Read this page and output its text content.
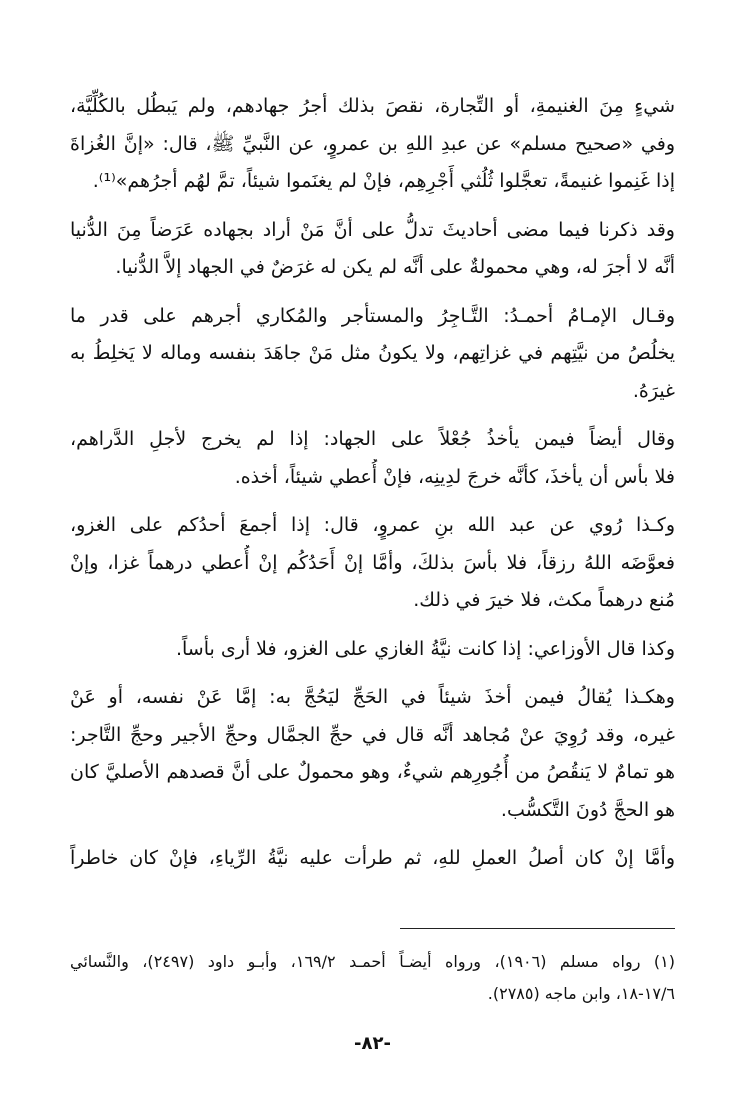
شيءٍ مِنَ الغنيمةِ، أو التِّجارة، نقصَ بذلك أجرُ جهادهم، ولم يَبطُل بالكُلِّيَّة،
وفي «صحيح مسلم» عن عبدِ اللهِ بن عمروٍ، عن النَّبيِّ ﷺ، قال: «إنَّ الغُزاةَ
إذا غَنِموا غنيمةً، تعجَّلوا ثُلُثي أَجْرِهِم، فإنْ لم يغنَموا شيئاً، تمَّ لهُم أجرُهم»⁽¹⁾.
وقد ذكرنا فيما مضى أحاديثَ تدلُّ على أنَّ مَنْ أراد بجهاده عَرَضاً مِنَ الدُّنيا
أنَّه لا أجرَ له، وهي محمولةٌ على أنَّه لم يكن له غرَضٌ في الجهاد إلاَّ الدُّنيا.
وقـال الإمـامُ أحمـدُ: التَّـاجِرُ والمستأجر والمُكاري أجرهم على قدر ما
يخلُصُ من نيَّتِهم في غزاتِهم، ولا يكونُ مثل مَنْ جاهَدَ بنفسه وماله لا يَخلِطُ به
غيرَهُ.
وقال أيضاً فيمن يأخذُ جُعْلاً على الجهاد: إذا لم يخرج لأجلِ الدَّراهم،
فلا بأس أن يأخذَ، كأنَّه خرجَ لدِينِه، فإنْ أُعطي شيئاً، أخذه.
وكـذا رُوي عن عبد الله بنِ عمروٍ، قال: إذا أجمعَ أحدُكم على الغزو،
فعوَّضَه اللهُ رزقاً، فلا بأسَ بذلكَ، وأمَّا إنْ أَحَدُكُم إنْ أُعطي درهماً غزا، وإنْ
مُنع درهماً مكث، فلا خيرَ في ذلك.
وكذا قال الأوزاعي: إذا كانت نيَّةُ الغازي على الغزو، فلا أرى بأساً.
وهكـذا يُقالُ فيمن أخذَ شيئاً في الحَجِّ ليَحُجَّ به: إمَّا عَنْ نفسه، أو عَنْ
غيره، وقد رُوِيَ عنْ مُجاهد أنَّه قال في حجِّ الجمَّال وحجِّ الأجير وحجِّ التَّاجر:
هو تمامٌ لا يَنقُصُ من أُجُورِهم شيءٌ، وهو محمولٌ على أنَّ قصدهم الأصليَّ كان
هو الحجَّ دُونَ التَّكسُّب.
وأمَّا إنْ كان أصلُ العملِ للهِ، ثم طرأت عليه نيَّةُ الرِّياءِ، فإنْ كان خاطراً
(١) رواه مسلم (١٩٠٦)، ورواه أيضـاً أحمـد ١٦٩/٢، وأبـو داود (٢٤٩٧)، والنَّسائي
١٧/٦-١٨، وابن ماجه (٢٧٨٥).
-٨٢-
